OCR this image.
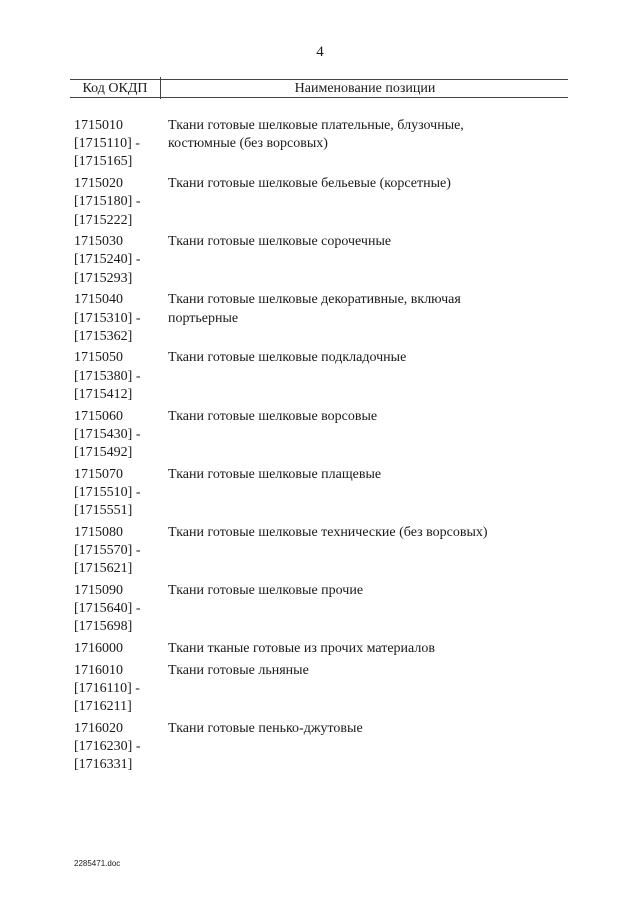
4
Код ОКДП	Наименование позиции
1715010
[1715110] -
[1715165]
Ткани готовые шелковые плательные, блузочные,
костюмные (без ворсовых)
1715020
[1715180] -
[1715222]
Ткани готовые шелковые бельевые (корсетные)
1715030
[1715240] -
[1715293]
Ткани готовые шелковые сорочечные
1715040
[1715310] -
[1715362]
Ткани готовые шелковые декоративные, включая
портьерные
1715050
[1715380] -
[1715412]
Ткани готовые шелковые подкладочные
1715060
[1715430] -
[1715492]
Ткани готовые шелковые ворсовые
1715070
[1715510] -
[1715551]
Ткани готовые шелковые плащевые
1715080
[1715570] -
[1715621]
Ткани готовые шелковые технические (без ворсовых)
1715090
[1715640] -
[1715698]
Ткани готовые шелковые прочие
1716000	Ткани тканые готовые из прочих материалов
1716010
[1716110] -
[1716211]
Ткани готовые льняные
1716020
[1716230] -
[1716331]
Ткани готовые пенько-джутовые
2285471.doc
